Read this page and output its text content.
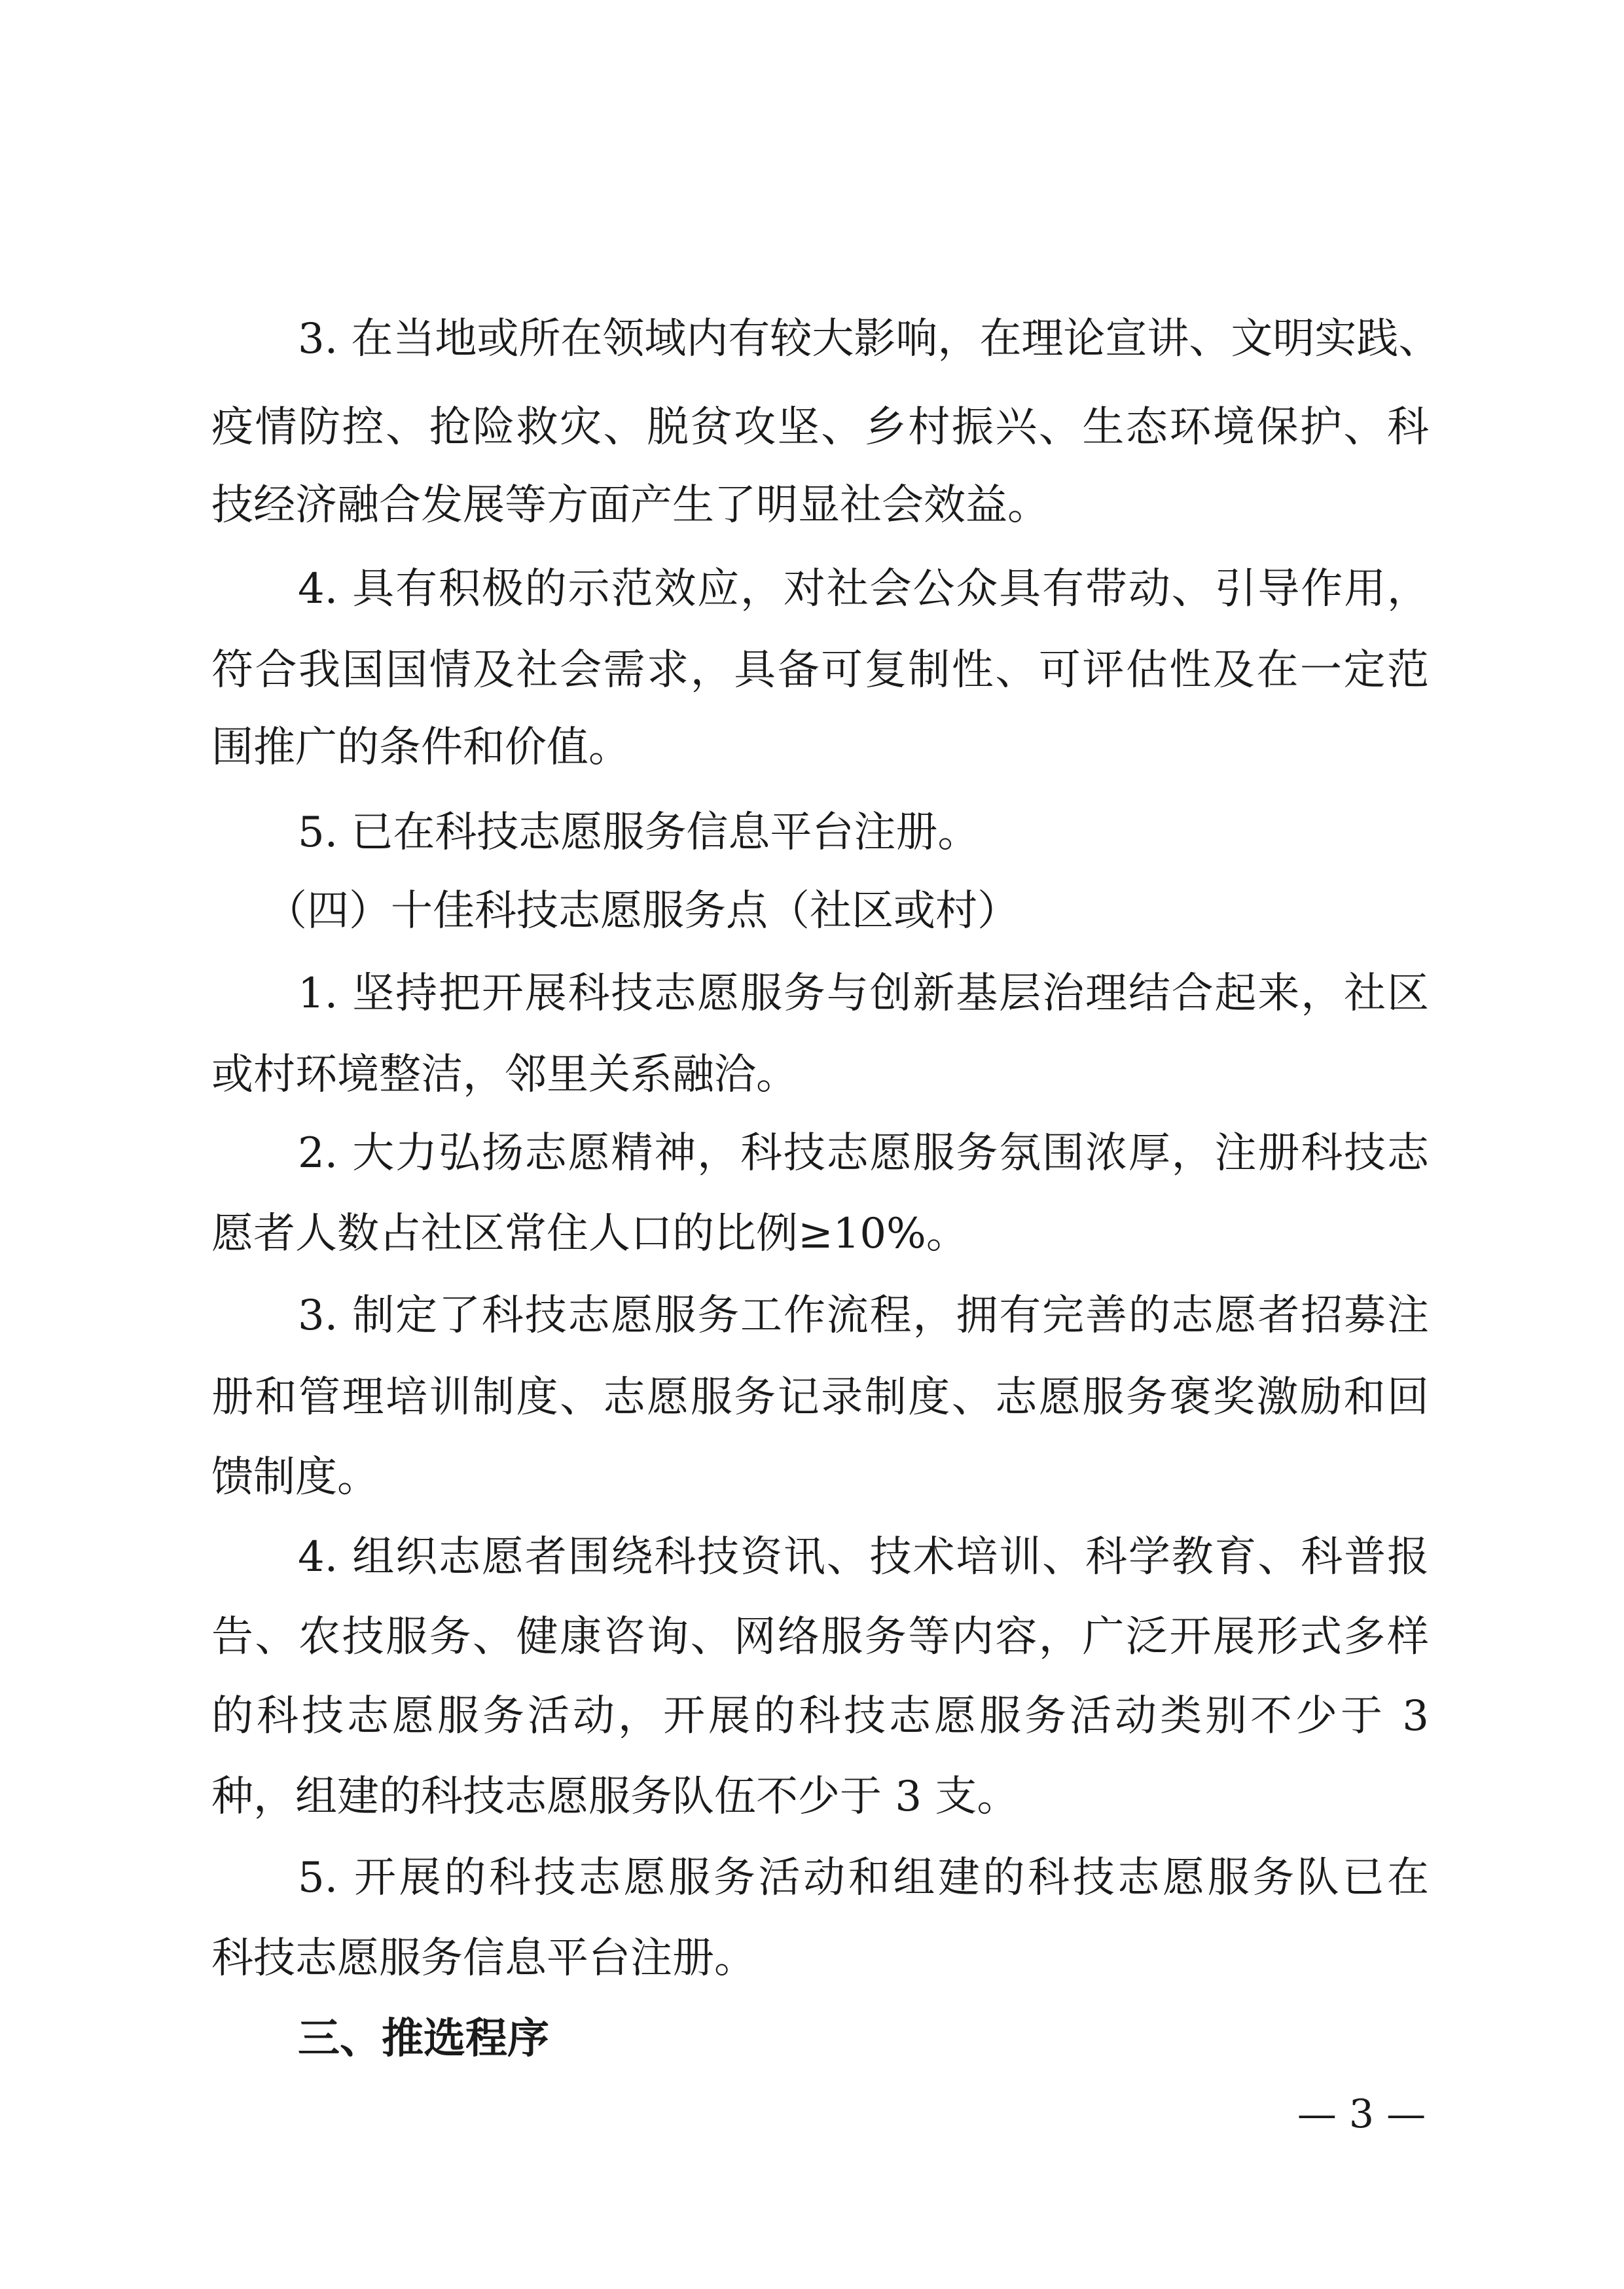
3. 在当地或所在领域内有较大影响，在理论宣讲、文明实践、
疫情防控、抢险救灾、脱贫攻坚、乡村振兴、生态环境保护、科
技经济融合发展等方面产生了明显社会效益。
4. 具有积极的示范效应，对社会公众具有带动、引导作用，
符合我国国情及社会需求，具备可复制性、可评估性及在一定范
围推广的条件和价值。
5. 已在科技志愿服务信息平台注册。
（四）十佳科技志愿服务点（社区或村）
1. 坚持把开展科技志愿服务与创新基层治理结合起来，社区
或村环境整洁，邻里关系融洽。
2. 大力弘扬志愿精神，科技志愿服务氛围浓厚，注册科技志
愿者人数占社区常住人口的比例≥10%。
3. 制定了科技志愿服务工作流程，拥有完善的志愿者招募注
册和管理培训制度、志愿服务记录制度、志愿服务褒奖激励和回
馈制度。
4. 组织志愿者围绕科技资讯、技术培训、科学教育、科普报
告、农技服务、健康咨询、网络服务等内容，广泛开展形式多样
的科技志愿服务活动，开展的科技志愿服务活动类别不少于 3
种，组建的科技志愿服务队伍不少于 3 支。
5. 开展的科技志愿服务活动和组建的科技志愿服务队已在
科技志愿服务信息平台注册。
三、推选程序
— 3 —
